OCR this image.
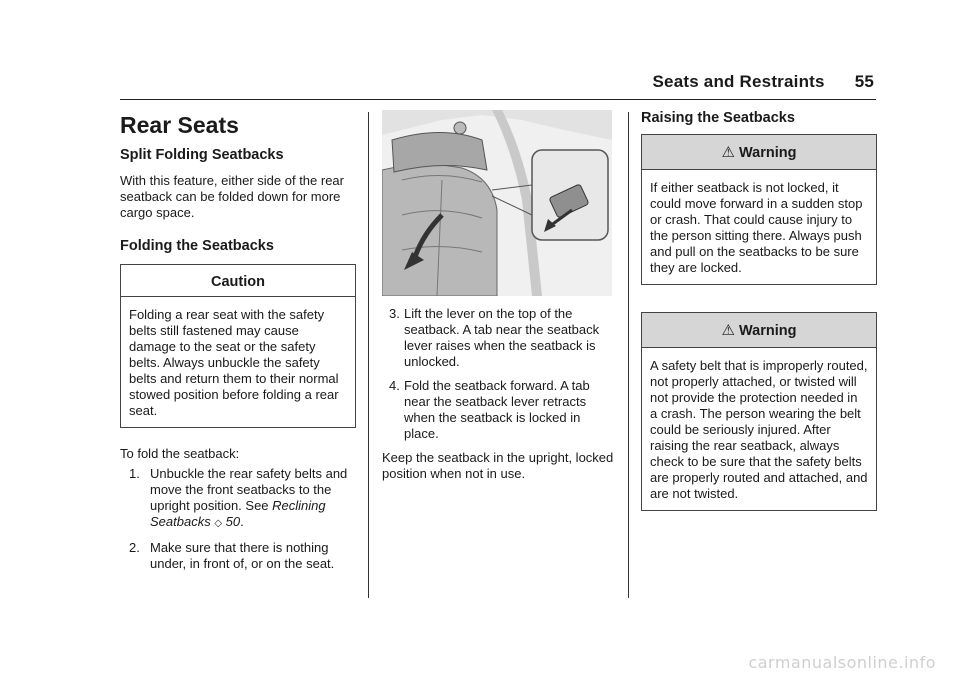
Seats and Restraints 55
Rear Seats
Split Folding Seatbacks

With this feature, either side of the rear seatback can be folded down for more cargo space.

Folding the Seatbacks
Caution

Folding a rear seat with the safety belts still fastened may cause damage to the seat or the safety belts. Always unbuckle the safety belts and return them to their normal stowed position before folding a rear seat.

To fold the seatback:

1. Unbuckle the rear safety belts and move the front seatbacks to the upright position. See Reclining Seatbacks ◇ 50.
2. Make sure that there is nothing under, in front of, or on the seat.
3. Lift the lever on the top of the seatback. A tab near the seatback lever raises when the seatback is unlocked.
4. Fold the seatback forward. A tab near the seatback lever retracts when the seatback is locked in place.

Keep the seatback in the upright, locked position when not in use.

Raising the Seatbacks
⚠ Warning

If either seatback is not locked, it could move forward in a sudden stop or crash. That could cause injury to the person sitting there. Always push and pull on the seatbacks to be sure they are locked.

⚠ Warning

A safety belt that is improperly routed, not properly attached, or twisted will not provide the protection needed in a crash. The person wearing the belt could be seriously injured. After raising the rear seatback, always check to be sure that the safety belts are properly routed and attached, and are not twisted.

carmanualsonline.info
